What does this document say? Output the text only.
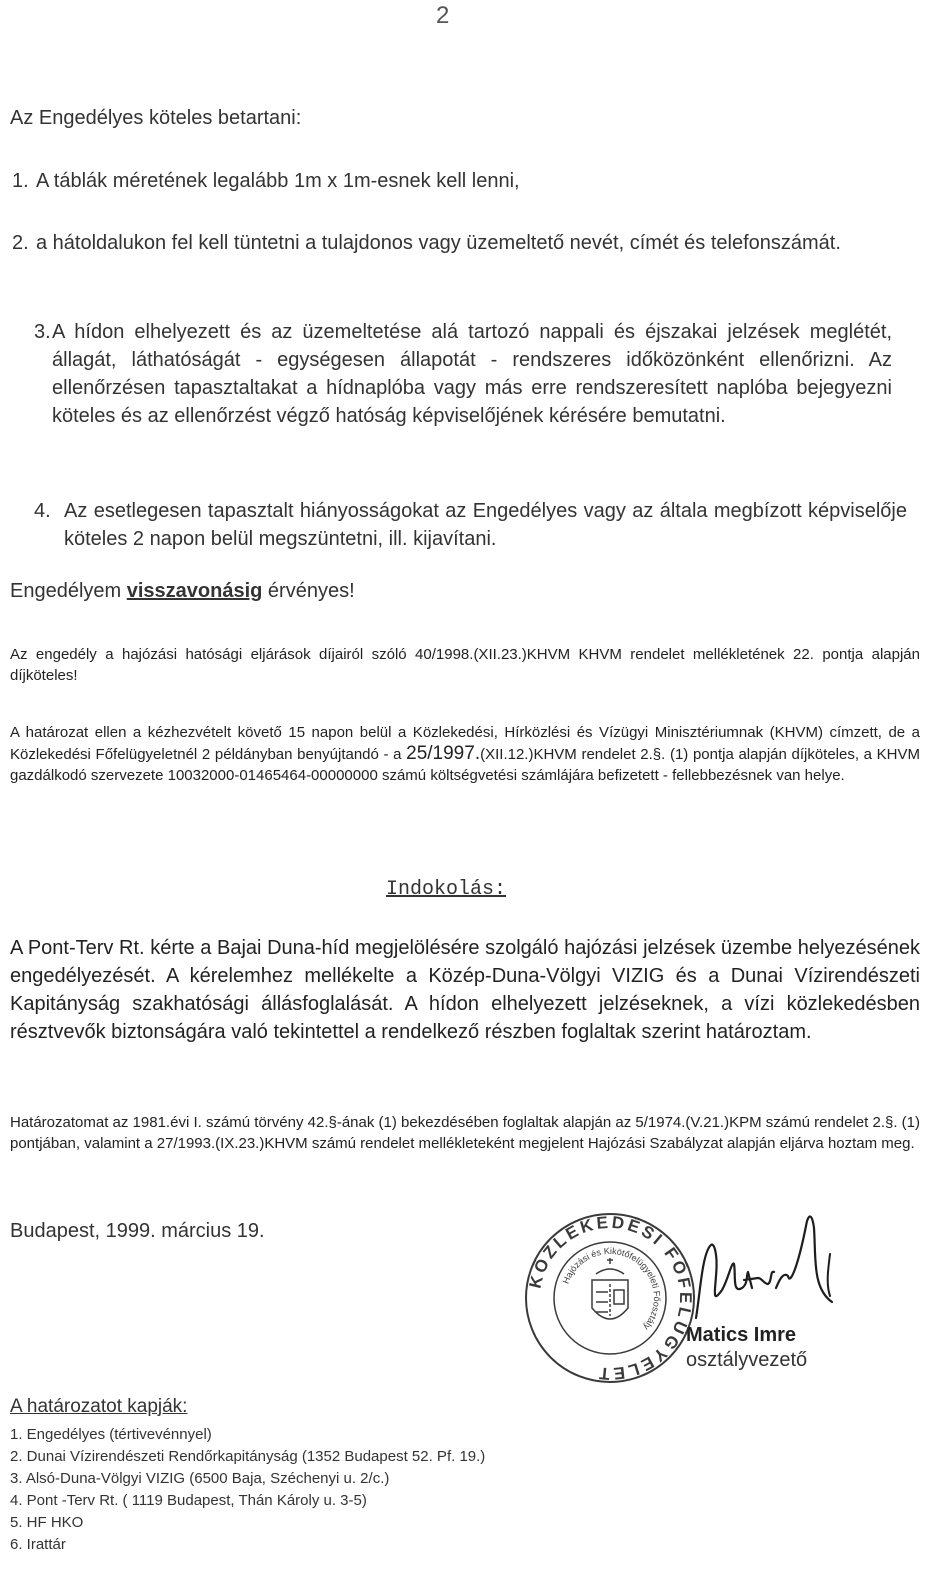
2
Az Engedélyes köteles betartani:
1. A táblák méretének legalább 1m x 1m-esnek kell lenni,
2. a hátoldalukon fel kell tüntetni a tulajdonos vagy üzemeltető nevét, címét és telefonszámát.
3. A hídon elhelyezett és az üzemeltetése alá tartozó nappali és éjszakai jelzések meglétét, állagát, láthatóságát - egységesen állapotát - rendszeres időközönként ellenőrizni. Az ellenőrzésen tapasztaltakat a hídnaplóba vagy más erre rendszeresített naplóba bejegyezni köteles és az ellenőrzést végző hatóság képviselőjének kérésére bemutatni.
4. Az esetlegesen tapasztalt hiányosságokat az Engedélyes vagy az általa megbízott képviselője köteles 2 napon belül megszüntetni, ill. kijavítani.
Engedélyem visszavonásig érvényes!
Az engedély a hajózási hatósági eljárások díjairól szóló 40/1998.(XII.23.)KHVM KHVM rendelet mellékletének 22. pontja alapján díjköteles!
A határozat ellen a kézhezvételt követő 15 napon belül a Közlekedési, Hírközlési és Vízügyi Minisztériumnak (KHVM) címzett, de a Közlekedési Főfelügyeletnél 2 példányban benyújtandó - a 25/1997.(XII.12.)KHVM rendelet 2.§. (1) pontja alapján díjköteles, a KHVM gazdálkodó szervezete 10032000-01465464-00000000 számú költségvetési számlájára befizetett - fellebbezésnek van helye.
Indokolás:
A Pont-Terv Rt. kérte a Bajai Duna-híd megjelölésére szolgáló hajózási jelzések üzembe helyezésének engedélyezését. A kérelemhez mellékelte a Közép-Duna-Völgyi VIZIG és a Dunai Vízirendészeti Kapitányság szakhatósági állásfoglalását. A hídon elhelyezett jelzéseknek, a vízi közlekedésben résztvevők biztonságára való tekintettel a rendelkező részben foglaltak szerint határoztam.
Határozatomat az 1981.évi I. számú törvény 42.§-ának (1) bekezdésében foglaltak alapján az 5/1974.(V.21.)KPM számú rendelet 2.§. (1) pontjában, valamint a 27/1993.(IX.23.)KHVM számú rendelet mellékleteként megjelent Hajózási Szabályzat alapján eljárva hoztam meg.
Budapest, 1999. március 19.
KÖZLEKEDÉSI FŐFELÜGYELET
Hajózási és Kikötőfelügyeleti Főosztály	Matics Imre
osztályvezető
A határozatot kapják:
1. Engedélyes (tértivevénnyel)
2. Dunai Vízirendészeti Rendőrkapitányság (1352 Budapest 52. Pf. 19.)
3. Alsó-Duna-Völgyi VIZIG (6500 Baja, Széchenyi u. 2/c.)
4. Pont -Terv Rt. ( 1119 Budapest, Thán Károly u. 3-5)
5. HF HKO
6. Irattár
